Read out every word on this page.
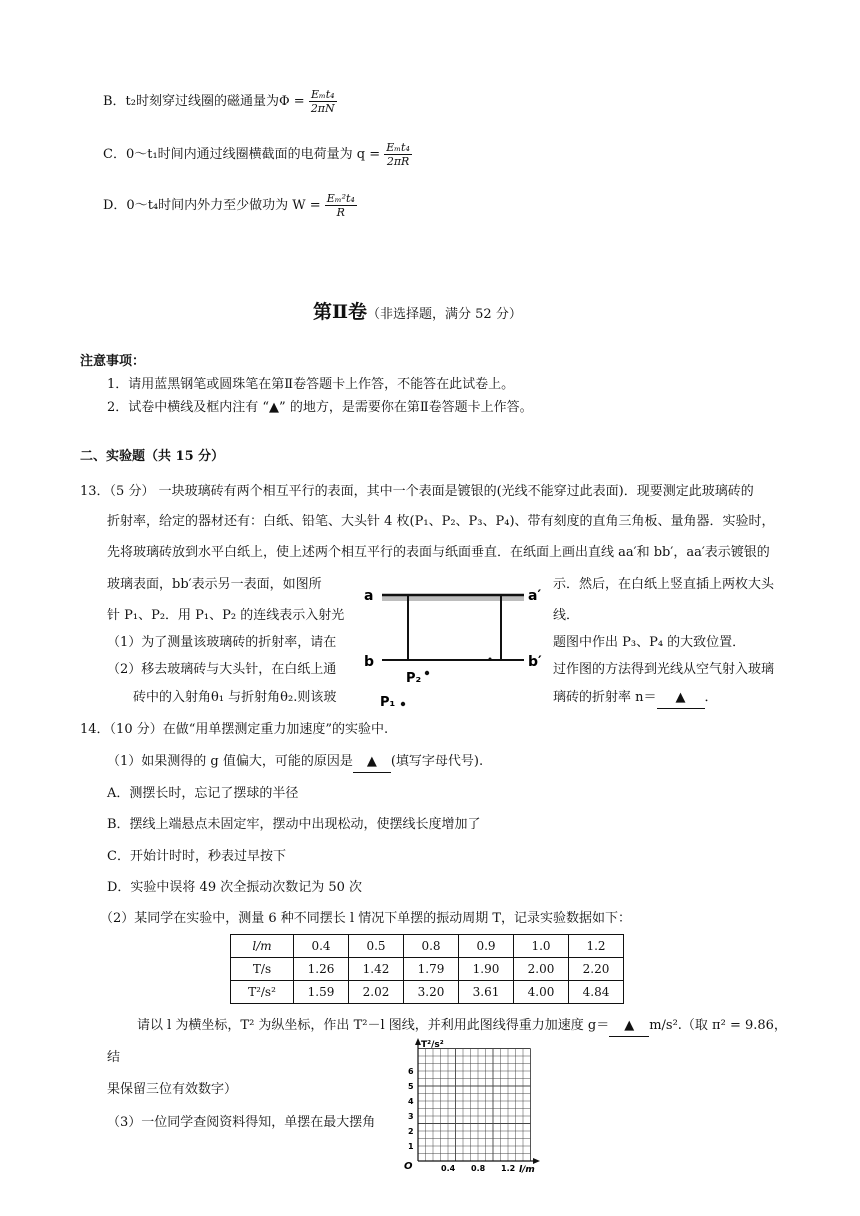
B．t₂时刻穿过线圈的磁通量为$\Phi = \frac{\text{Eₘt₄}}{2\pi N}$
C．0～t₁时间内通过线圈横截面的电荷量为 $q = \frac{\text{Eₘt₄}}{2\pi R}$
D．0～t₄时间内外力至少做功为 $W = \frac{\text{Eₘ²t₄}}{R}$
第Ⅱ卷（非选择题，满分 52 分）
注意事项：
1．请用蓝黑钢笔或圆珠笔在第Ⅱ卷答题卡上作答，不能答在此试卷上。
2．试卷中横线及框内注有 “▲” 的地方，是需要你在第Ⅱ卷答题卡上作答。
二、实验题（共 15 分）
13．（5 分） 一块玻璃砖有两个相互平行的表面，其中一个表面是镀银的(光线不能穿过此表面)．现要测定此玻璃砖的
折射率，给定的器材还有：白纸、铅笔、大头针 4 枚(P₁、P₂、P₃、P₄)、带有刻度的直角三角板、量角器．实验时，
先将玻璃砖放到水平白纸上，使上述两个相互平行的表面与纸面垂直．在纸面上画出直线 aa′和 bb′，aa′表示镀银的
玻璃表面，bb′表示另一表面，如图所	示．然后，在白纸上竖直插上两枚大头
针 P₁、P₂．用 P₁、P₂ 的连线表示入射光	线．
（1）为了测量该玻璃砖的折射率，请在	题图中作出 P₃、P₄ 的大致位置．
（2）移去玻璃砖与大头针，在白纸上通	过作图的方法得到光线从空气射入玻璃
砖中的入射角θ₁ 与折射角θ₂.则该玻	璃砖的折射率 n＝ ▲ ．
a	a′
b	b′
P₂
P₁
14．（10 分）在做“用单摆测定重力加速度”的实验中.
（1）如果测得的 g 值偏大，可能的原因是 ▲ (填写字母代号).
A．测摆长时，忘记了摆球的半径
B．摆线上端悬点未固定牢，摆动中出现松动，使摆线长度增加了
C．开始计时时，秒表过早按下
D．实验中误将 49 次全振动次数记为 50 次
（2）某同学在实验中，测量 6 种不同摆长 l 情况下单摆的振动周期 T，记录实验数据如下：
l/m	0.4	0.5	0.8	0.9	1.0	1.2
T/s	1.26	1.42	1.79	1.90	2.00	2.20
T²/s²	1.59	2.02	3.20	3.61	4.00	4.84
请以 l 为横坐标，T² 为纵坐标，作出 T²－l 图线，并利用此图线得重力加速度 g＝ ▲ m/s².（取 π² = 9.86，
结
果保留三位有效数字）
（3）一位同学查阅资料得知，单摆在最大摆角
T²/s²
l/m
O
1
2
3
4
5
6
0.4 0.8 1.2
